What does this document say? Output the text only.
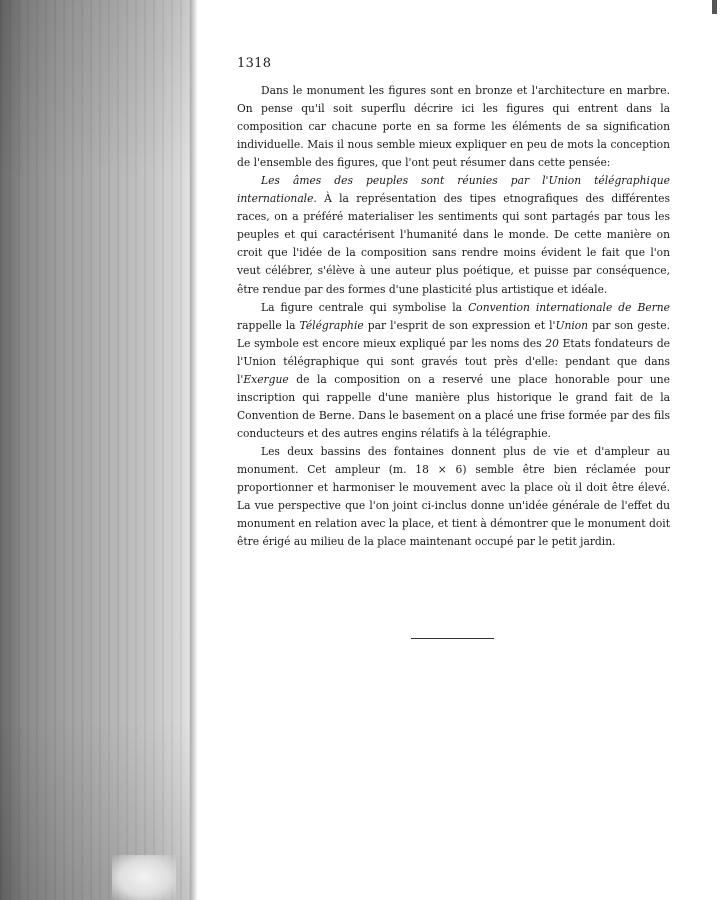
1318

Dans le monument les figures sont en bronze et l'architecture en marbre. On pense qu'il soit superflu décrire ici les figures qui entrent dans la composition car chacune porte en sa forme les éléments de sa signification individuelle. Mais il nous semble mieux expliquer en peu de mots la conception de l'ensemble des figures, que l'ont peut résumer dans cette pensée:

Les âmes des peuples sont réunies par l'Union télégraphique internationale. À la représentation des tipes etnografiques des différentes races, on a préféré materialiser les sentiments qui sont partagés par tous les peuples et qui caractérisent l'humanité dans le monde. De cette manière on croit que l'idée de la composition sans rendre moins évident le fait que l'on veut célébrer, s'élève à une auteur plus poétique, et puisse par conséquence, être rendue par des formes d'une plasticité plus artistique et idéale.

La figure centrale qui symbolise la Convention internationale de Berne rappelle la Télégraphie par l'esprit de son expression et l'Union par son geste. Le symbole est encore mieux expliqué par les noms des 20 Etats fondateurs de l'Union télégraphique qui sont gravés tout près d'elle: pendant que dans l'Exergue de la composition on a reservé une place honorable pour une inscription qui rappelle d'une manière plus historique le grand fait de la Convention de Berne. Dans le basement on a placé une frise formée par des fils conducteurs et des autres engins rélatifs à la télégraphie.

Les deux bassins des fontaines donnent plus de vie et d'ampleur au monument. Cet ampleur (m. 18 × 6) semble être bien réclamée pour proportionner et harmoniser le mouvement avec la place où il doit être élevé. La vue perspective que l'on joint ci-inclus donne un'idée générale de l'effet du monument en relation avec la place, et tient à démontrer que le monument doit être érigé au milieu de la place maintenant occupé par le petit jardin.
